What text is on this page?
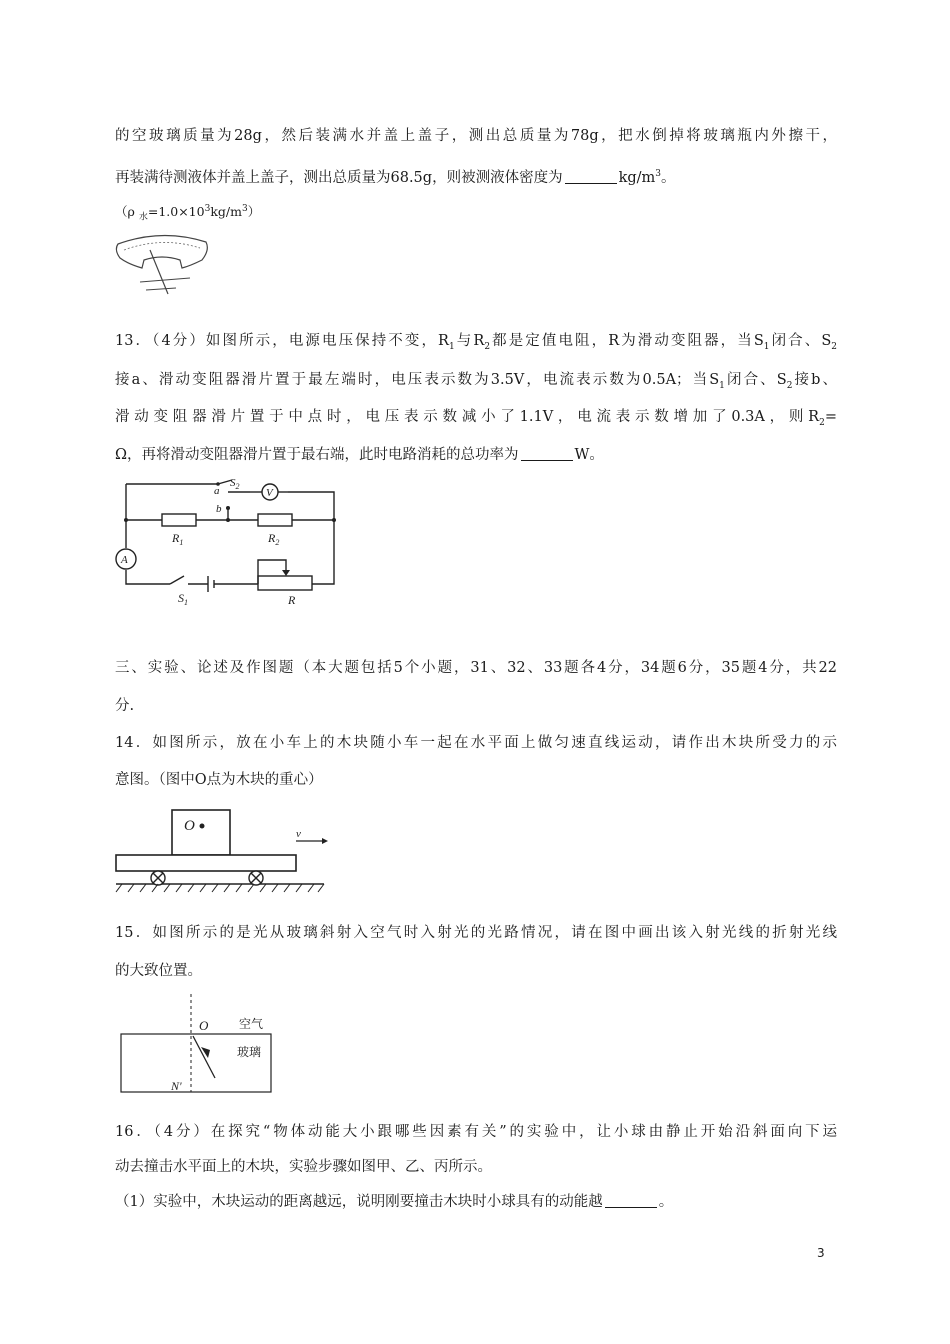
的空玻璃质量为28g，然后装满水并盖上盖子，测出总质量为78g，把水倒掉将玻璃瓶内外擦干，
再装满待测液体并盖上盖子，测出总质量为68.5g，则被测液体密度为	$kg/m^3$。
（ρ $_水=1.0\times 10^3kg/m^3$）
13．（4分）如图所示，电源电压保持不变，$R_1$与$R_2$都是定值电阻，R为滑动变阻器，当$S_1$闭合、$S_2$
接a、滑动变阻器滑片置于最左端时，电压表示数为3.5V，电流表示数为0.5A；当$S_1$闭合、$S_2$接b、
滑动变阻器滑片置于中点时，电压表示数减小了1.1V，电流表示数增加了0.3A，则$R_2=$
Ω，再将滑动变阻器滑片置于最右端，此时电路消耗的总功率为	W。
V
A
a
b
$S_2$
$R_1$	$R_2$
$S_1$	R
三、实验、论述及作图题（本大题包括5个小题，31、32、33题各4分，34题6分，35题4分，共22
分.
14．如图所示，放在小车上的木块随小车一起在水平面上做匀速直线运动，请作出木块所受力的示
意图。（图中O点为木块的重心）
O	v
15．如图所示的是光从玻璃斜射入空气时入射光的光路情况，请在图中画出该入射光线的折射光线
的大致位置。
O	空气
玻璃
N'
16．（4分）在探究“物体动能大小跟哪些因素有关”的实验中，让小球由静止开始沿斜面向下运
动去撞击水平面上的木块，实验步骤如图甲、乙、丙所示。
（1）实验中，木块运动的距离越远，说明刚要撞击木块时小球具有的动能越	。
3
